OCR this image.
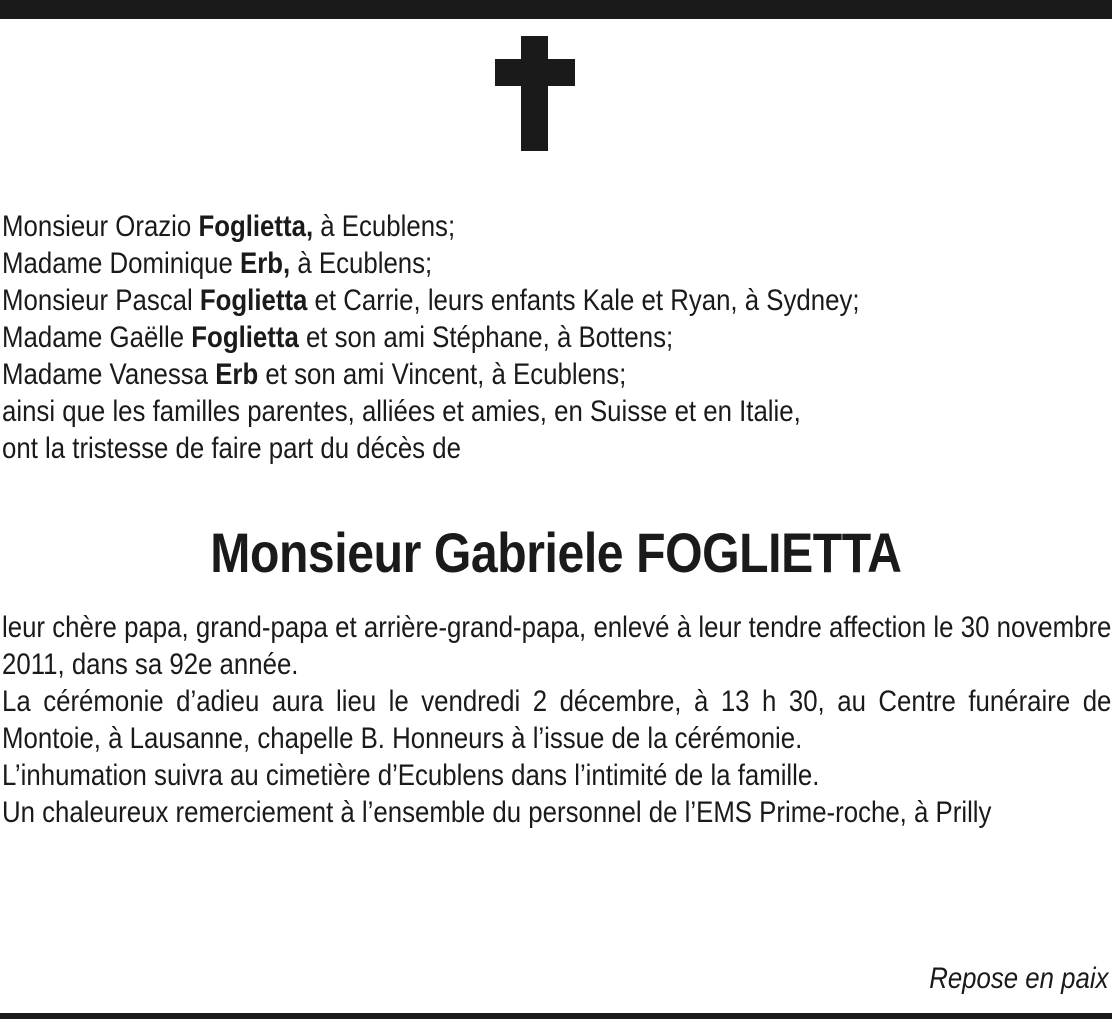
Monsieur Orazio Foglietta, à Ecublens;
Madame Dominique Erb, à Ecublens;
Monsieur Pascal Foglietta et Carrie, leurs enfants Kale et Ryan, à Sydney;
Madame Gaëlle Foglietta et son ami Stéphane, à Bottens;
Madame Vanessa Erb et son ami Vincent, à Ecublens;
ainsi que les familles parentes, alliées et amies, en Suisse et en Italie,
ont la tristesse de faire part du décès de
Monsieur Gabriele FOGLIETTA

leur chère papa, grand-papa et arrière-grand-papa, enlevé à leur tendre affection le 30 novembre 2011, dans sa 92e année.

La cérémonie d’adieu aura lieu le vendredi 2 décembre, à 13 h 30, au Centre funéraire de Montoie, à Lausanne, chapelle B. Honneurs à l’issue de la cérémonie.

L’inhumation suivra au cimetière d’Ecublens dans l’intimité de la famille.

Un chaleureux remerciement à l’ensemble du personnel de l’EMS Prime-roche, à Prilly

Repose en paix
